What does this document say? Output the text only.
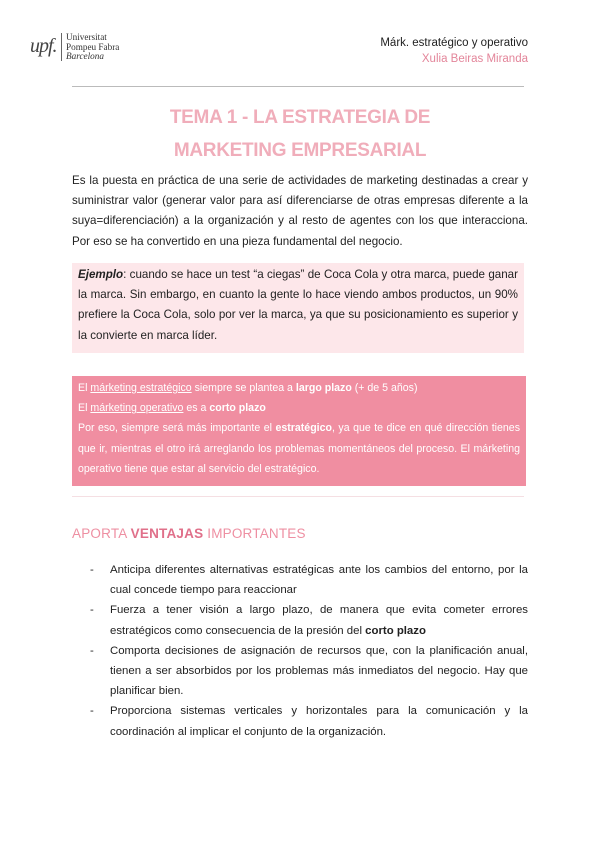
upf. Universitat
Pompeu Fabra
Barcelona
Márk. estratégico y operativo
Xulia Beiras Miranda
TEMA 1 - LA ESTRATEGIA DE
MARKETING EMPRESARIAL
Es la puesta en práctica de una serie de actividades de marketing destinadas a crear y suministrar valor (generar valor para así diferenciarse de otras empresas diferente a la suya=diferenciación) a la organización y al resto de agentes con los que interacciona. Por eso se ha convertido en una pieza fundamental del negocio.
Ejemplo: cuando se hace un test “a ciegas” de Coca Cola y otra marca, puede ganar la marca. Sin embargo, en cuanto la gente lo hace viendo ambos productos, un 90% prefiere la Coca Cola, solo por ver la marca, ya que su posicionamiento es superior y la convierte en marca líder.
El márketing estratégico siempre se plantea a largo plazo (+ de 5 años)
El márketing operativo es a corto plazo
Por eso, siempre será más importante el estratégico, ya que te dice en qué dirección tienes que ir, mientras el otro irá arreglando los problemas momentáneos del proceso. El márketing operativo tiene que estar al servicio del estratégico.
APORTA VENTAJAS IMPORTANTES
- Anticipa diferentes alternativas estratégicas ante los cambios del entorno, por la cual concede tiempo para reaccionar
- Fuerza a tener visión a largo plazo, de manera que evita cometer errores estratégicos como consecuencia de la presión del corto plazo
- Comporta decisiones de asignación de recursos que, con la planificación anual, tienen a ser absorbidos por los problemas más inmediatos del negocio. Hay que planificar bien.
- Proporciona sistemas verticales y horizontales para la comunicación y la coordinación al implicar el conjunto de la organización.
